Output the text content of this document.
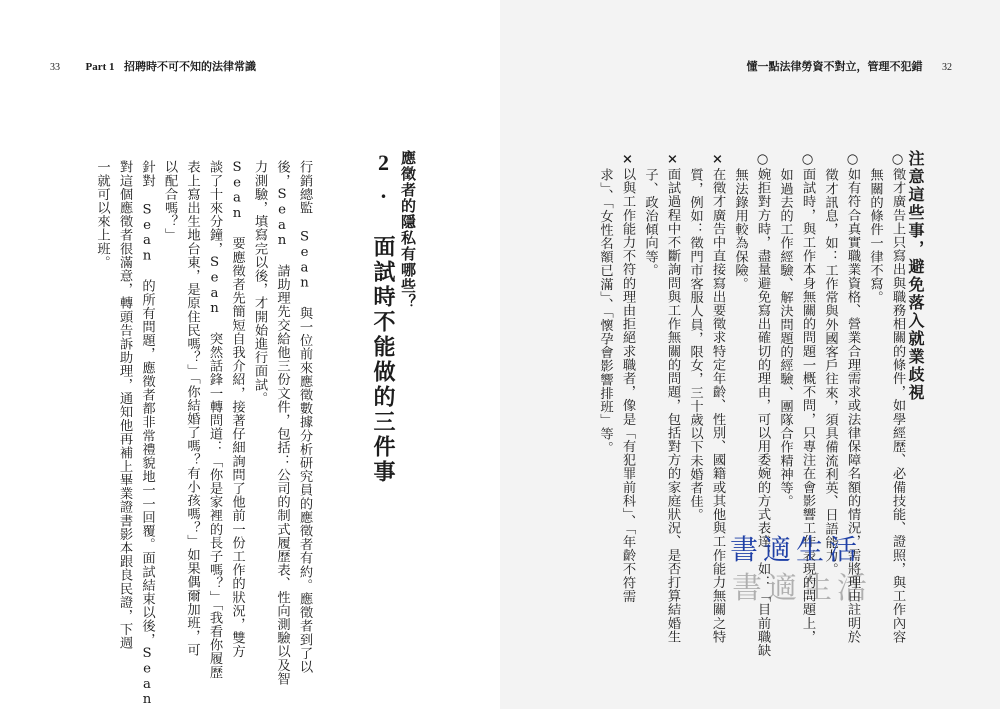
33 Part 1 招聘時不可不知的法律常識
應徵者的隱私有哪些？
2. 面試時不能做的三件事

行銷總監 Sean 與一位前來應徵數據分析研究員的應徵者有約。應徵者到了以

後，Sean 請助理先交給他三份文件，包括：公司的制式履歷表、性向測驗以及智

力測驗，填寫完以後，才開始進行面試。

Sean 要應徵者先簡短自我介紹，接著仔細詢問了他前一份工作的狀況，雙方

談了十來分鐘，Sean 突然話鋒一轉問道：「你是家裡的長子嗎？」「我看你履歷

表上寫出生地台東，是原住民嗎？」「你結婚了嗎？有小孩嗎？」如果偶爾加班，可

以配合嗎？」

針對 Sean 的所有問題，應徵者都非常禮貌地一一回覆。面試結束以後，Sean

對這個應徵者很滿意，轉頭告訴助理，通知他再補上畢業證書影本跟良民證，下週

一就可以來上班。

懂一點法律勞資不對立，管理不犯錯 32
注意這些事，避免落入就業歧視

○徵才廣告上只寫出與職務相關的條件，如學經歷、必備技能、證照，與工作內容

無關的條件一律不寫。

○如有符合真實職業資格、營業合理需求或法律保障名額的情況，需將理由註明於

徵才訊息，如：工作常與外國客戶往來，須具備流利英、日語能力。

○面試時，與工作本身無關的問題一概不問，只專注在會影響工作表現的問題上，

如過去的工作經驗、解決問題的經驗、團隊合作精神等。

○婉拒對方時，盡量避免寫出確切的理由，可以用委婉的方式表達，如：「目前職缺

無法錄用較為保險。

×在徵才廣告中直接寫出要徵求特定年齡、性別、國籍或其他與工作能力無關之特

質，例如：徵門市客服人員，限女，三十歲以下未婚者佳。

×面試過程中不斷詢問與工作無關的問題，包括對方的家庭狀況、是否打算結婚生

子、政治傾向等。

×以與工作能力不符的理由拒絕求職者，像是「有犯罪前科」、「年齡不符需

求」、「女性名額已滿」、「懷孕會影響排班」等。

書適生活
書適生活
